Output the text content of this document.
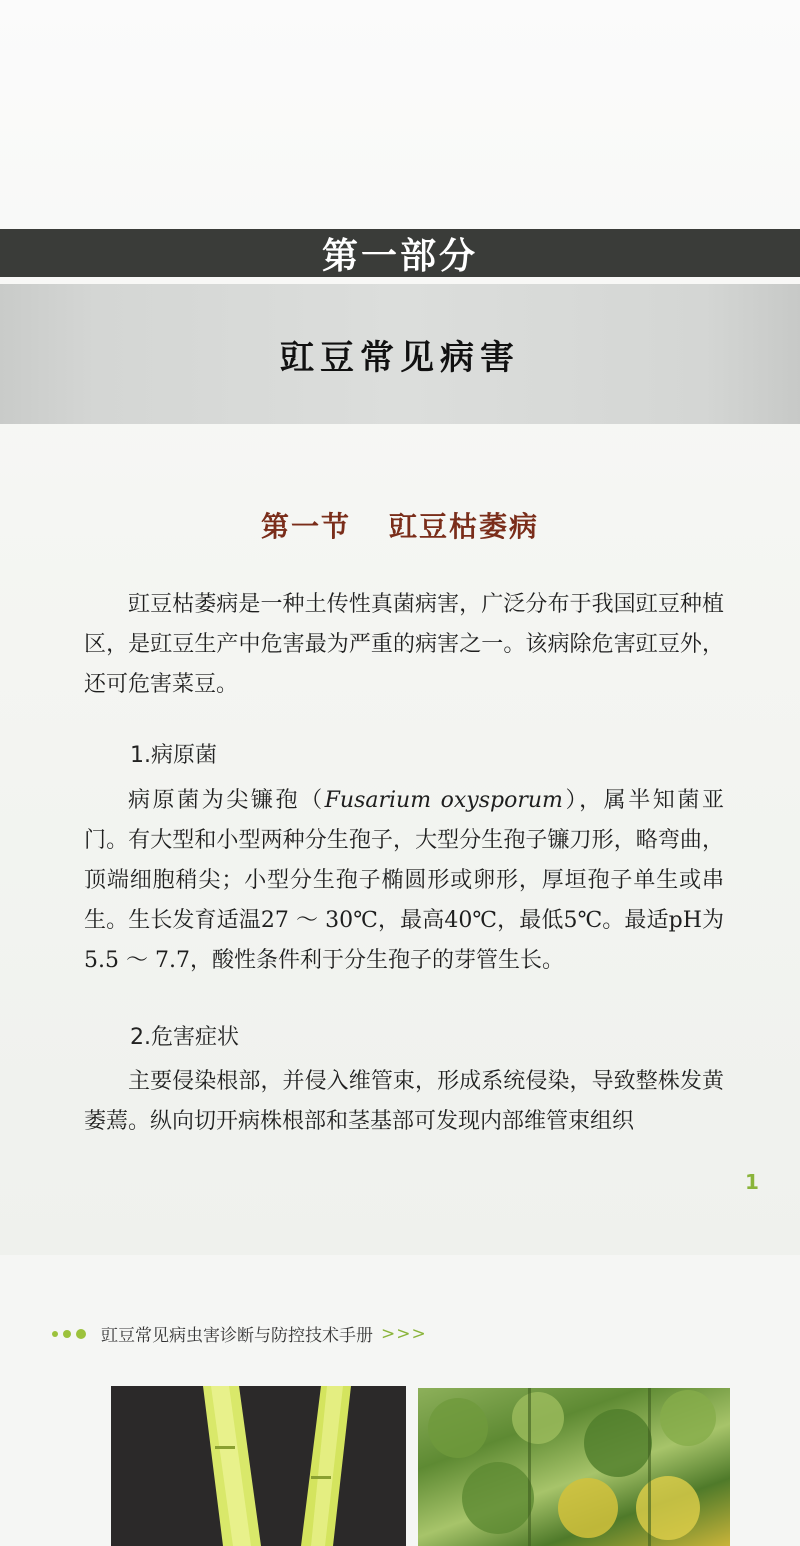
第一部分
豇豆常见病害
第一节 豇豆枯萎病

豇豆枯萎病是一种土传性真菌病害，广泛分布于我国豇豆种植区，是豇豆生产中危害最为严重的病害之一。该病除危害豇豆外，还可危害菜豆。

1.病原菌

病原菌为尖镰孢（Fusarium oxysporum），属半知菌亚门。有大型和小型两种分生孢子，大型分生孢子镰刀形，略弯曲，顶端细胞稍尖；小型分生孢子椭圆形或卵形，厚垣孢子单生或串生。生长发育适温27 ～ 30℃，最高40℃，最低5℃。最适pH为5.5 ～ 7.7，酸性条件利于分生孢子的芽管生长。

2.危害症状

主要侵染根部，并侵入维管束，形成系统侵染，导致整株发黄萎蔫。纵向切开病株根部和茎基部可发现内部维管束组织

1
豇豆常见病虫害诊断与防控技术手册 >>>
